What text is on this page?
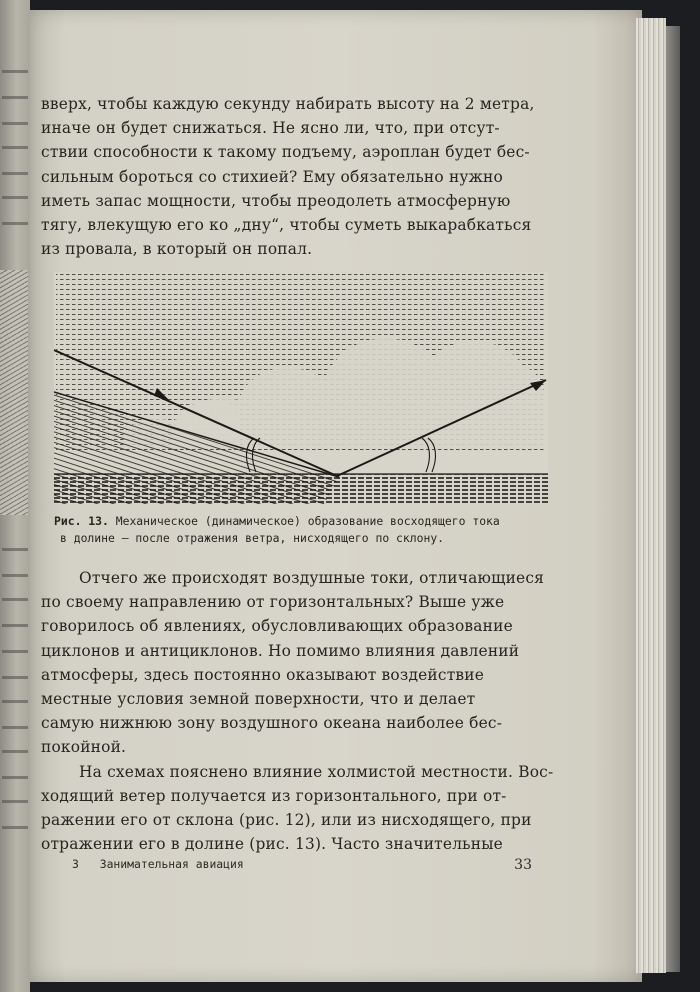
вверх, чтобы каждую секунду набирать высоту на 2 метра,

иначе он будет снижаться. Не ясно ли, что, при отсут-

ствии способности к такому подъему, аэроплан будет бес-

сильным бороться со стихией? Ему обязательно нужно

иметь запас мощности, чтобы преодолеть атмосферную

тягу, влекущую его ко „дну“, чтобы суметь выкарабкаться

из провала, в который он попал.

Рис. 13. Механическое (динамическое) образование восходящего тока
в долине — после отражения ветра, нисходящего по склону.

Отчего же происходят воздушные токи, отличающиеся

по своему направлению от горизонтальных? Выше уже

говорилось об явлениях, обусловливающих образование

циклонов и антициклонов. Но помимо влияния давлений

атмосферы, здесь постоянно оказывают воздействие

местные условия земной поверхности, что и делает

самую нижнюю зону воздушного океана наиболее бес-

покойной.

На схемах пояснено влияние холмистой местности. Вос-

ходящий ветер получается из горизонтального, при от-

ражении его от склона (рис. 12), или из нисходящего, при

отражении его в долине (рис. 13). Часто значительные

3 Занимательная авиация	33
